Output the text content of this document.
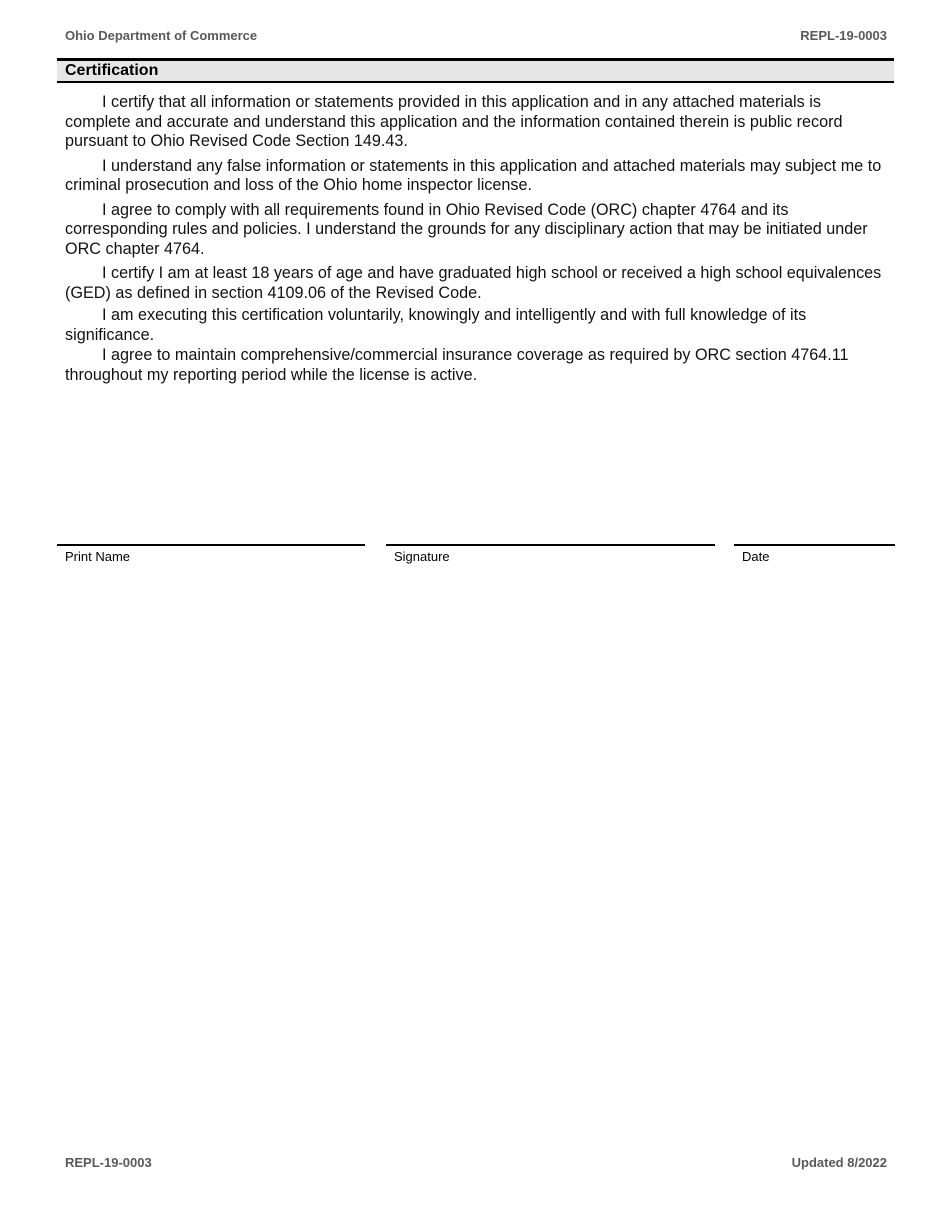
Ohio Department of Commerce	REPL-19-0003
Certification

I certify that all information or statements provided in this application and in any attached materials is complete and accurate and understand this application and the information contained therein is public record pursuant to Ohio Revised Code Section 149.43.

I understand any false information or statements in this application and attached materials may subject me to criminal prosecution and loss of the Ohio home inspector license.

I agree to comply with all requirements found in Ohio Revised Code (ORC) chapter 4764 and its corresponding rules and policies. I understand the grounds for any disciplinary action that may be initiated under ORC chapter 4764.

I certify I am at least 18 years of age and have graduated high school or received a high school equivalences (GED) as defined in section 4109.06 of the Revised Code.

I am executing this certification voluntarily, knowingly and intelligently and with full knowledge of its significance.

I agree to maintain comprehensive/commercial insurance coverage as required by ORC section 4764.11 throughout my reporting period while the license is active.

Print Name	Signature	Date
REPL-19-0003	Updated 8/2022
